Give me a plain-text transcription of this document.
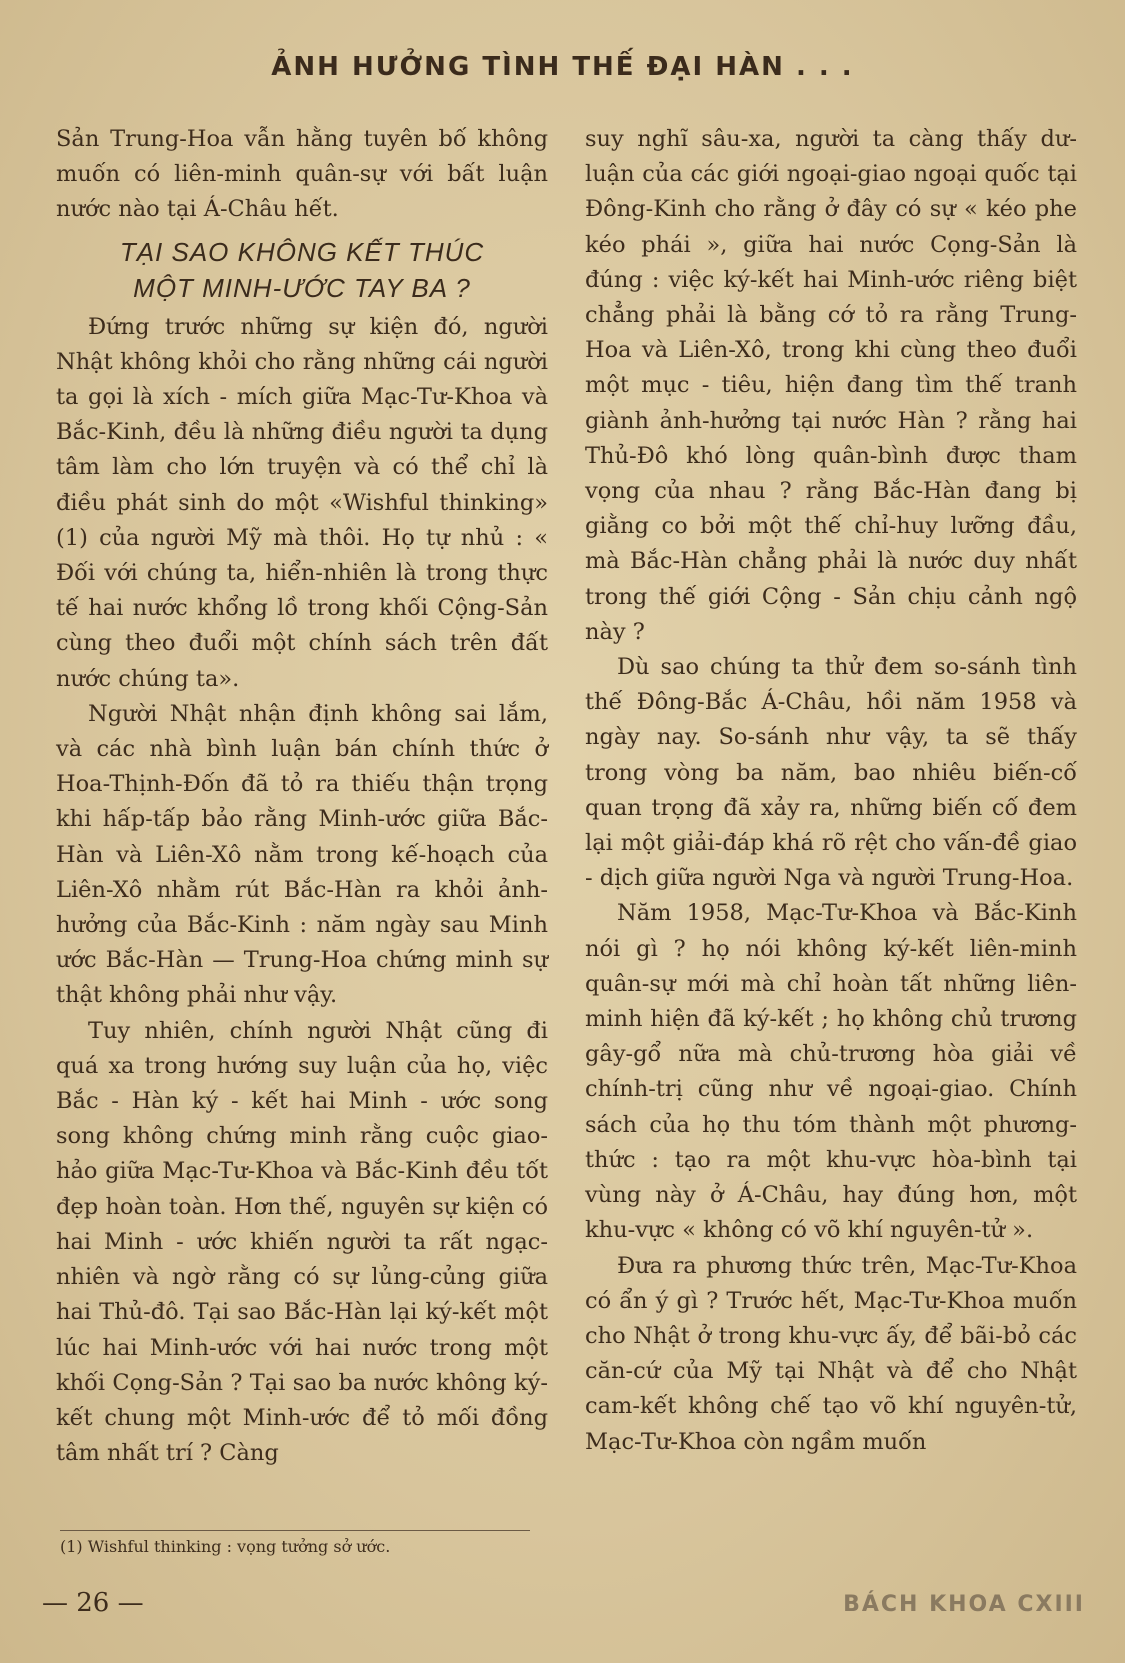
ẢNH HƯỞNG TÌNH THẾ ĐẠI HÀN . . .

Sản Trung-Hoa vẫn hằng tuyên bố không muốn có liên-minh quân-sự với bất luận nước nào tại Á-Châu hết.

TẠI SAO KHÔNG KẾT THÚC
MỘT MINH-ƯỚC TAY BA ?

Đứng trước những sự kiện đó, người Nhật không khỏi cho rằng những cái người ta gọi là xích - mích giữa Mạc-Tư-Khoa và Bắc-Kinh, đều là những điều người ta dụng tâm làm cho lớn truyện và có thể chỉ là điều phát sinh do một «Wishful thinking» (1) của người Mỹ mà thôi. Họ tự nhủ : « Đối với chúng ta, hiển-nhiên là trong thực tế hai nước khổng lồ trong khối Cộng-Sản cùng theo đuổi một chính sách trên đất nước chúng ta».

Người Nhật nhận định không sai lắm, và các nhà bình luận bán chính thức ở Hoa-Thịnh-Đốn đã tỏ ra thiếu thận trọng khi hấp-tấp bảo rằng Minh-ước giữa Bắc-Hàn và Liên-Xô nằm trong kế-hoạch của Liên-Xô nhằm rút Bắc-Hàn ra khỏi ảnh-hưởng của Bắc-Kinh : năm ngày sau Minh ước Bắc-Hàn — Trung-Hoa chứng minh sự thật không phải như vậy.

Tuy nhiên, chính người Nhật cũng đi quá xa trong hướng suy luận của họ, việc Bắc - Hàn ký - kết hai Minh - ước song song không chứng minh rằng cuộc giao-hảo giữa Mạc-Tư-Khoa và Bắc-Kinh đều tốt đẹp hoàn toàn. Hơn thế, nguyên sự kiện có hai Minh - ước khiến người ta rất ngạc-nhiên và ngờ rằng có sự lủng-củng giữa hai Thủ-đô. Tại sao Bắc-Hàn lại ký-kết một lúc hai Minh-ước với hai nước trong một khối Cọng-Sản ? Tại sao ba nước không ký-kết chung một Minh-ước để tỏ mối đồng tâm nhất trí ? Càng

suy nghĩ sâu-xa, người ta càng thấy dư-luận của các giới ngoại-giao ngoại quốc tại Đông-Kinh cho rằng ở đây có sự « kéo phe kéo phái », giữa hai nước Cọng-Sản là đúng : việc ký-kết hai Minh-ước riêng biệt chẳng phải là bằng cớ tỏ ra rằng Trung-Hoa và Liên-Xô, trong khi cùng theo đuổi một mục - tiêu, hiện đang tìm thế tranh giành ảnh-hưởng tại nước Hàn ? rằng hai Thủ-Đô khó lòng quân-bình được tham vọng của nhau ? rằng Bắc-Hàn đang bị giằng co bởi một thế chỉ-huy lưỡng đầu, mà Bắc-Hàn chẳng phải là nước duy nhất trong thế giới Cộng - Sản chịu cảnh ngộ này ?

Dù sao chúng ta thử đem so-sánh tình thế Đông-Bắc Á-Châu, hồi năm 1958 và ngày nay. So-sánh như vậy, ta sẽ thấy trong vòng ba năm, bao nhiêu biến-cố quan trọng đã xảy ra, những biến cố đem lại một giải-đáp khá rõ rệt cho vấn-đề giao - dịch giữa người Nga và người Trung-Hoa.

Năm 1958, Mạc-Tư-Khoa và Bắc-Kinh nói gì ? họ nói không ký-kết liên-minh quân-sự mới mà chỉ hoàn tất những liên-minh hiện đã ký-kết ; họ không chủ trương gây-gổ nữa mà chủ-trương hòa giải về chính-trị cũng như về ngoại-giao. Chính sách của họ thu tóm thành một phương-thức : tạo ra một khu-vực hòa-bình tại vùng này ở Á-Châu, hay đúng hơn, một khu-vực « không có võ khí nguyên-tử ».

Đưa ra phương thức trên, Mạc-Tư-Khoa có ẩn ý gì ? Trước hết, Mạc-Tư-Khoa muốn cho Nhật ở trong khu-vực ấy, để bãi-bỏ các căn-cứ của Mỹ tại Nhật và để cho Nhật cam-kết không chế tạo võ khí nguyên-tử, Mạc-Tư-Khoa còn ngầm muốn

(1) Wishful thinking : vọng tưởng sở ước.
— 26 —	BÁCH KHOA CXIII
